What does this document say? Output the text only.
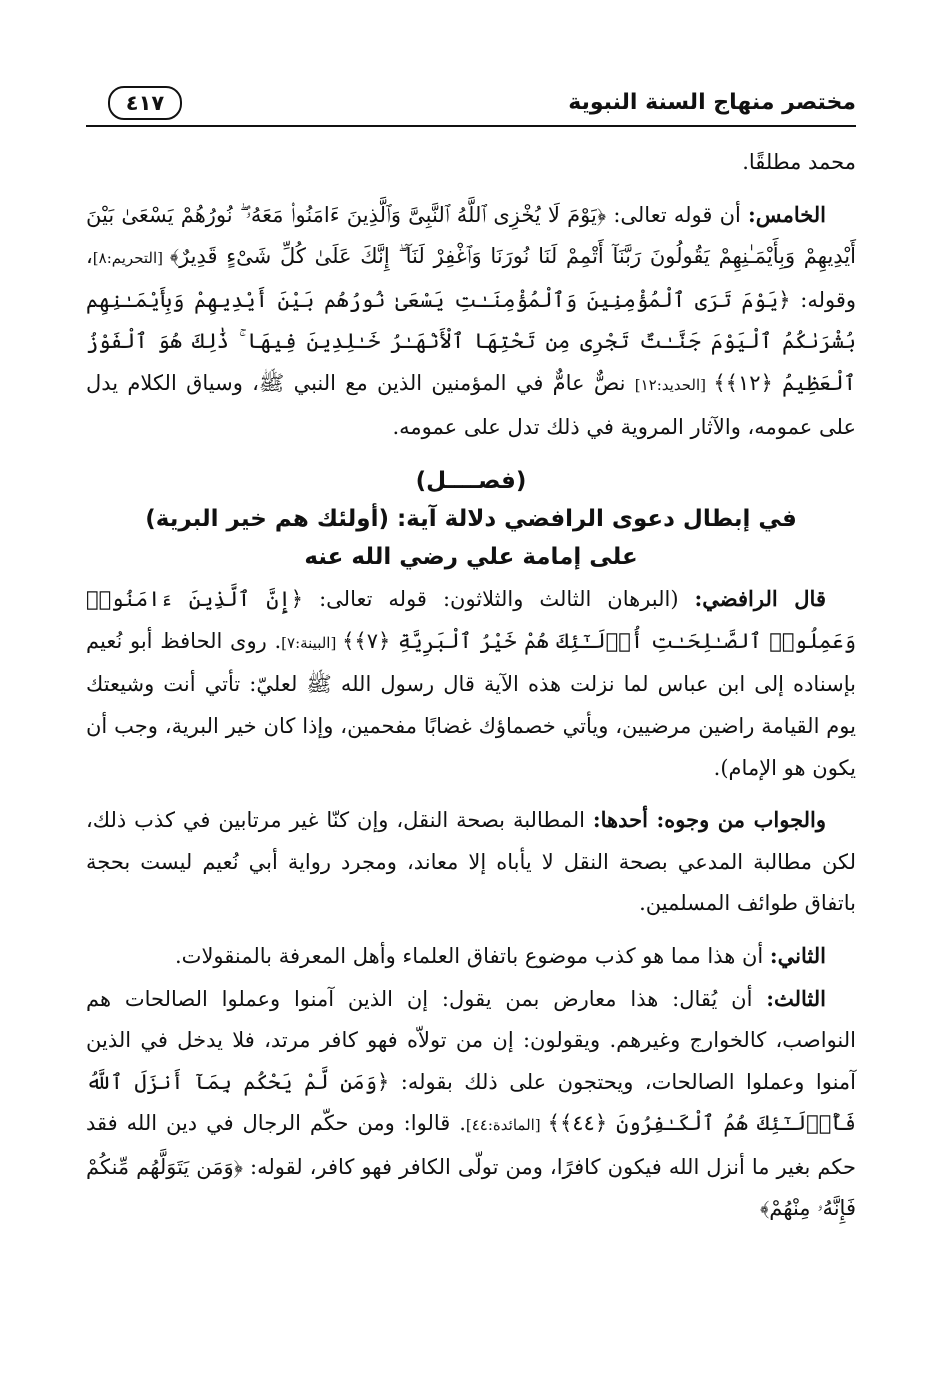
مختصر منهاج السنة النبوية
٤١٧

محمد مطلقًا.

الخامس: أن قوله تعالى: ﴿يَوْمَ لَا يُخْزِى ٱللَّهُ ٱلنَّبِىَّ وَٱلَّذِينَ ءَامَنُوا۟ مَعَهُۥ ۖ نُورُهُمْ يَسْعَىٰ بَيْنَ أَيْدِيهِمْ وَبِأَيْمَـٰنِهِمْ يَقُولُونَ رَبَّنَآ أَتْمِمْ لَنَا نُورَنَا وَٱغْفِرْ لَنَآ ۖ إِنَّكَ عَلَىٰ كُلِّ شَىْءٍ قَدِيرٌ﴾ [التحريم:٨]، وقوله: ﴿يَوْمَ تَرَى ٱلْمُؤْمِنِينَ وَٱلْمُؤْمِنَـٰتِ يَسْعَىٰ نُورُهُم بَيْنَ أَيْدِيهِمْ وَبِأَيْمَـٰنِهِم بُشْرَىٰكُمُ ٱلْيَوْمَ جَنَّـٰتٌ تَجْرِى مِن تَحْتِهَا ٱلْأَنْهَـٰرُ خَـٰلِدِينَ فِيهَا ۚ ذَٰلِكَ هُوَ ٱلْفَوْزُ ٱلْعَظِيمُ ﴿١٢﴾﴾ [الحديد:١٢] نصٌّ عامٌّ في المؤمنين الذين مع النبي ﷺ، وسياق الكلام يدل على عمومه، والآثار المروية في ذلك تدل على عمومه.

(فصــــل)
في إبطال دعوى الرافضي دلالة آية: (أولئك هم خير البرية)
على إمامة علي رضي الله عنه

قال الرافضي: (البرهان الثالث والثلاثون: قوله تعالى: ﴿إِنَّ ٱلَّذِينَ ءَامَنُوا۟ وَعَمِلُوا۟ ٱلصَّـٰلِحَـٰتِ أُو۟لَـٰٓئِكَ هُمْ خَيْرُ ٱلْبَرِيَّةِ ﴿٧﴾﴾ [البينة:٧]. روى الحافظ أبو نُعيم بإسناده إلى ابن عباس لما نزلت هذه الآية قال رسول الله ﷺ لعليّ: تأتي أنت وشيعتك يوم القيامة راضين مرضيين، ويأتي خصماؤك غضابًا مفحمين، وإذا كان خير البرية، وجب أن يكون هو الإمام).

والجواب من وجوه: أحدها: المطالبة بصحة النقل، وإن كنّا غير مرتابين في كذب ذلك، لكن مطالبة المدعي بصحة النقل لا يأباه إلا معاند، ومجرد رواية أبي نُعيم ليست بحجة باتفاق طوائف المسلمين.

الثاني: أن هذا مما هو كذب موضوع باتفاق العلماء وأهل المعرفة بالمنقولات.

الثالث: أن يُقال: هذا معارض بمن يقول: إن الذين آمنوا وعملوا الصالحات هم النواصب، كالخوارج وغيرهم. ويقولون: إن من تولاّه فهو كافر مرتد، فلا يدخل في الذين آمنوا وعملوا الصالحات، ويحتجون على ذلك بقوله: ﴿وَمَن لَّمْ يَحْكُم بِمَآ أَنزَلَ ٱللَّهُ فَأُو۟لَـٰٓئِكَ هُمُ ٱلْكَـٰفِرُونَ ﴿٤٤﴾﴾ [المائدة:٤٤]. قالوا: ومن حكّم الرجال في دين الله فقد حكم بغير ما أنزل الله فيكون كافرًا، ومن تولّى الكافر فهو كافر، لقوله: ﴿وَمَن يَتَوَلَّهُم مِّنكُمْ فَإِنَّهُۥ مِنْهُمْ﴾
